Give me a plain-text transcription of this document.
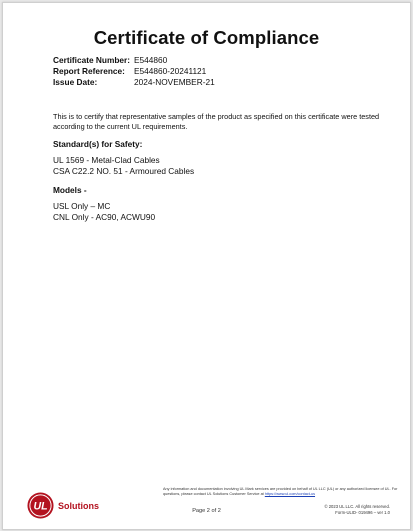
Certificate of Compliance
Certificate Number: E544860
Report Reference:	E544860-20241121
Issue Date:	2024-NOVEMBER-21
This is to certify that representative samples of the product as specified on this certificate were tested according to the current UL requirements.
Standard(s) for Safety:
UL 1569 - Metal-Clad Cables
CSA C22.2 NO. 51 - Armoured Cables
Models -
USL Only – MC
CNL Only - AC90, ACWU90
Any information and documentation involving UL Mark services are provided on behalf of UL LLC (UL) or any authorized licensee of UL. For questions, please contact UL Solutions Customer Service at https://www.ul.com/contact-us
Page 2 of 2
© 2023 UL LLC. All rights reserved.
Form-ULID- 019496 – ver 1.0
UL Solutions
